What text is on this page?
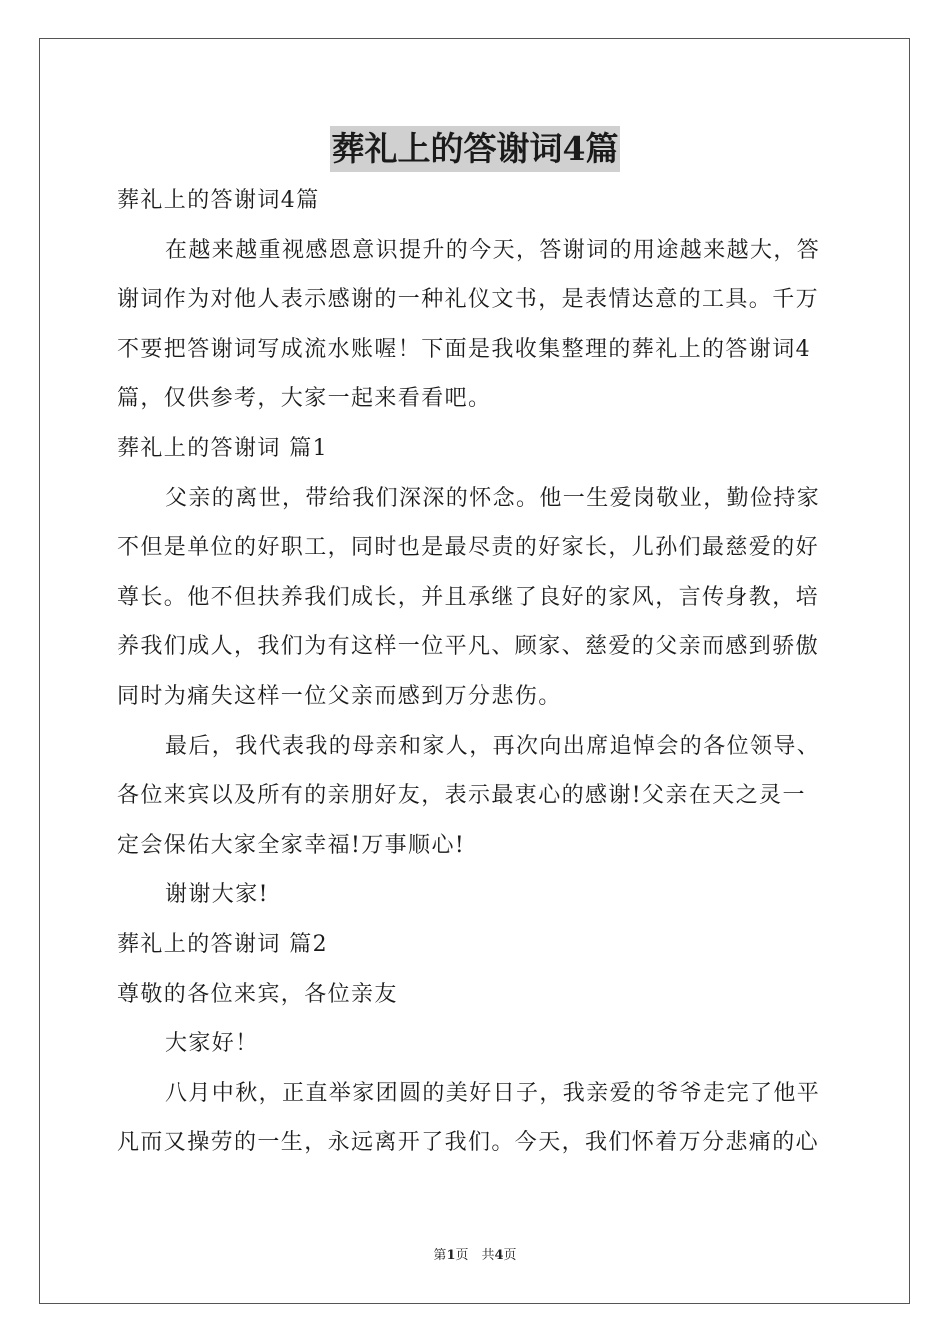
葬礼上的答谢词4篇
葬礼上的答谢词4篇
在越来越重视感恩意识提升的今天，答谢词的用途越来越大，答
谢词作为对他人表示感谢的一种礼仪文书，是表情达意的工具。千万
不要把答谢词写成流水账喔！下面是我收集整理的葬礼上的答谢词4
篇，仅供参考，大家一起来看看吧。
葬礼上的答谢词 篇1
父亲的离世，带给我们深深的怀念。他一生爱岗敬业，勤俭持家
不但是单位的好职工，同时也是最尽责的好家长，儿孙们最慈爱的好
尊长。他不但扶养我们成长，并且承继了良好的家风，言传身教，培
养我们成人，我们为有这样一位平凡、顾家、慈爱的父亲而感到骄傲
同时为痛失这样一位父亲而感到万分悲伤。
最后，我代表我的母亲和家人，再次向出席追悼会的各位领导、
各位来宾以及所有的亲朋好友，表示最衷心的感谢!父亲在天之灵一
定会保佑大家全家幸福!万事顺心!
谢谢大家!
葬礼上的答谢词 篇2
尊敬的各位来宾，各位亲友
大家好！
八月中秋，正直举家团圆的美好日子，我亲爱的爷爷走完了他平
凡而又操劳的一生，永远离开了我们。今天，我们怀着万分悲痛的心
第1页　共4页
